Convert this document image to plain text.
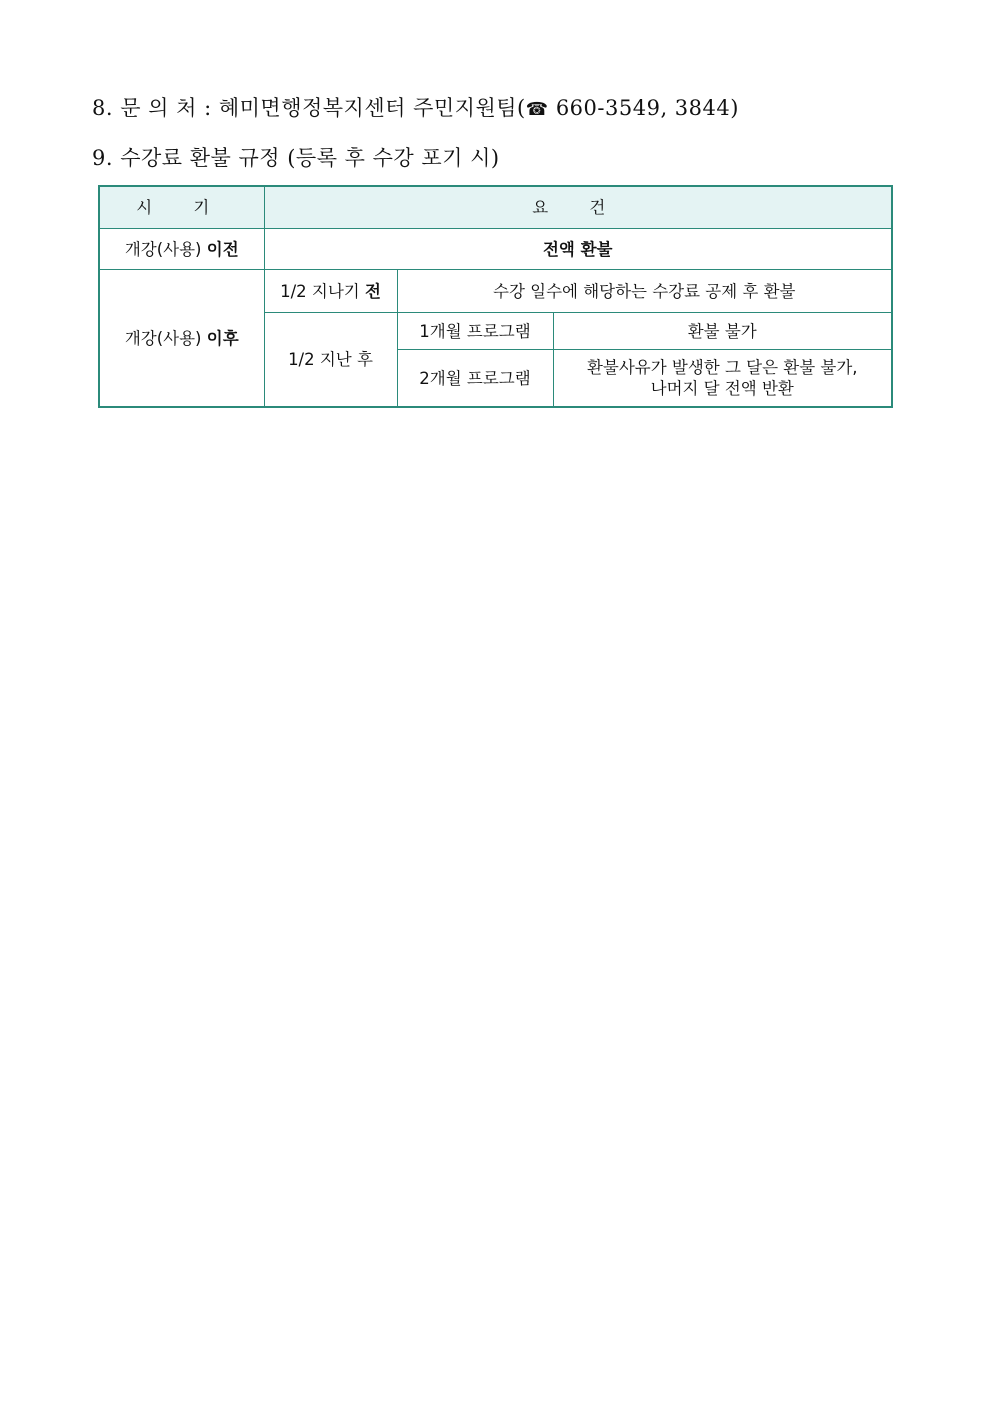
8. 문 의 처 : 혜미면행정복지센터 주민지원팀(☎ 660-3549, 3844)
9. 수강료 환불 규정 (등록 후 수강 포기 시)
시 기	요 건		
개강(사용) 이전	전액 환불		
개강(사용) 이후	1/2 지나기 전	수강 일수에 해당하는 수강료 공제 후 환불	
	1/2 지난 후	1개월 프로그램	환불 불가
		2개월 프로그램	환불사유가 발생한 그 달은 환불 불가,
나머지 달 전액 반환
